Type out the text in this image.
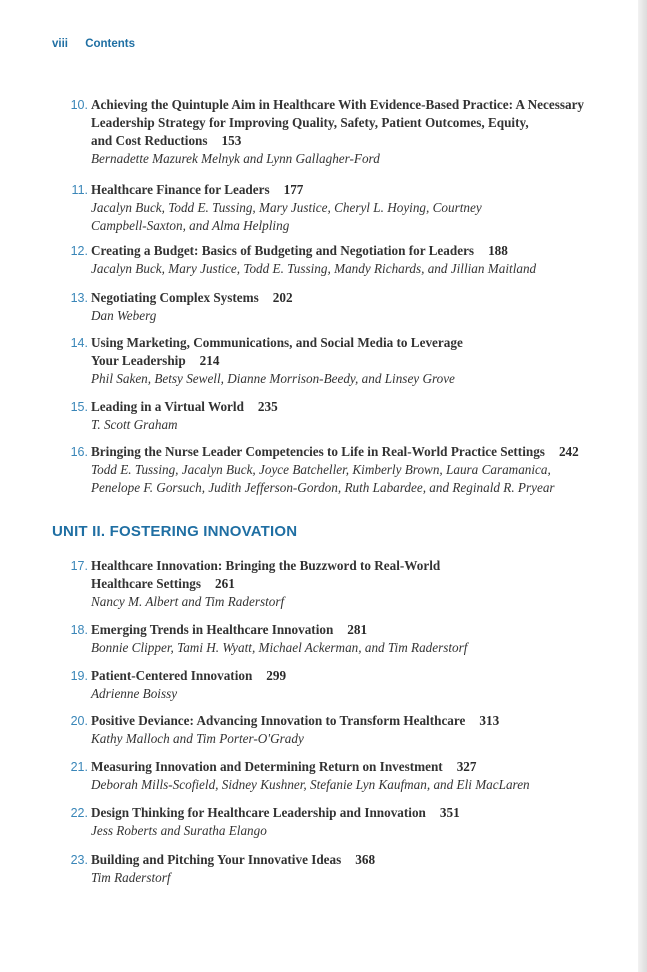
viii Contents
10. Achieving the Quintuple Aim in Healthcare With Evidence-Based Practice: A Necessary
Leadership Strategy for Improving Quality, Safety, Patient Outcomes, Equity,
and Cost Reductions 153
Bernadette Mazurek Melnyk and Lynn Gallagher-Ford
11. Healthcare Finance for Leaders 177
Jacalyn Buck, Todd E. Tussing, Mary Justice, Cheryl L. Hoying, Courtney
Campbell-Saxton, and Alma Helpling
12. Creating a Budget: Basics of Budgeting and Negotiation for Leaders 188
Jacalyn Buck, Mary Justice, Todd E. Tussing, Mandy Richards, and Jillian Maitland
13. Negotiating Complex Systems 202
Dan Weberg
14. Using Marketing, Communications, and Social Media to Leverage
Your Leadership 214
Phil Saken, Betsy Sewell, Dianne Morrison-Beedy, and Linsey Grove
15. Leading in a Virtual World 235
T. Scott Graham
16. Bringing the Nurse Leader Competencies to Life in Real-World Practice Settings 242
Todd E. Tussing, Jacalyn Buck, Joyce Batcheller, Kimberly Brown, Laura Caramanica,
Penelope F. Gorsuch, Judith Jefferson-Gordon, Ruth Labardee, and Reginald R. Pryear
UNIT II. FOSTERING INNOVATION
17. Healthcare Innovation: Bringing the Buzzword to Real-World
Healthcare Settings 261
Nancy M. Albert and Tim Raderstorf
18. Emerging Trends in Healthcare Innovation 281
Bonnie Clipper, Tami H. Wyatt, Michael Ackerman, and Tim Raderstorf
19. Patient-Centered Innovation 299
Adrienne Boissy
20. Positive Deviance: Advancing Innovation to Transform Healthcare 313
Kathy Malloch and Tim Porter-O'Grady
21. Measuring Innovation and Determining Return on Investment 327
Deborah Mills-Scofield, Sidney Kushner, Stefanie Lyn Kaufman, and Eli MacLaren
22. Design Thinking for Healthcare Leadership and Innovation 351
Jess Roberts and Suratha Elango
23. Building and Pitching Your Innovative Ideas 368
Tim Raderstorf
